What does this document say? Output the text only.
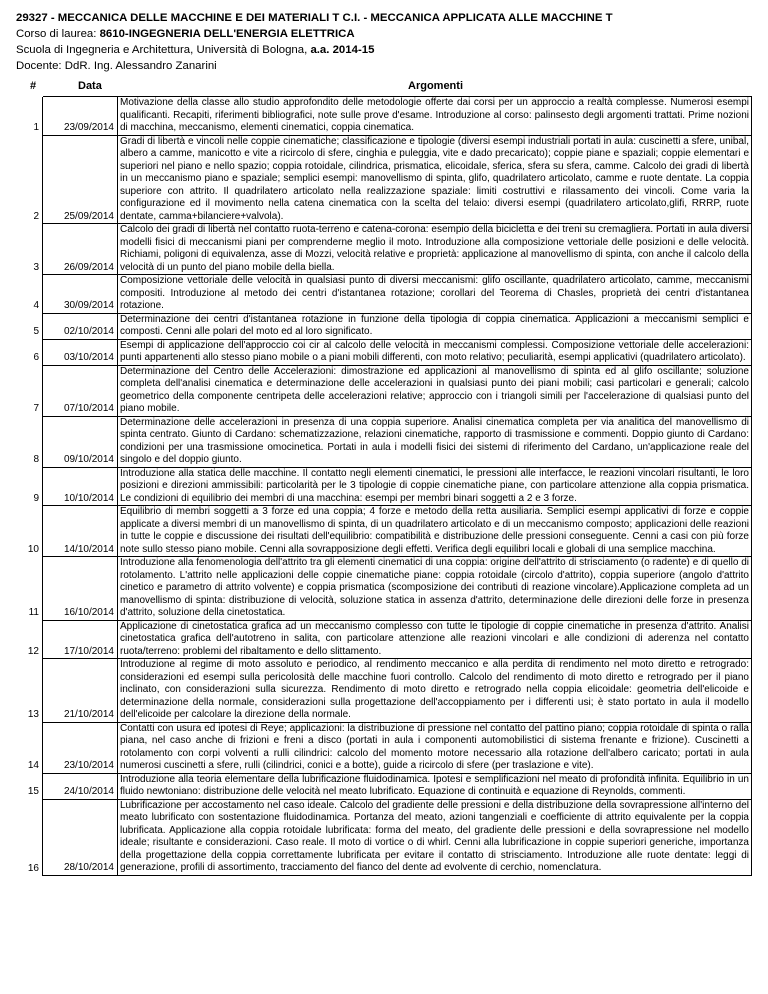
29327 - MECCANICA DELLE MACCHINE E DEI MATERIALI T C.I. - MECCANICA APPLICATA ALLE MACCHINE T
Corso di laurea: 8610-INGEGNERIA DELL'ENERGIA ELETTRICA
Scuola di Ingegneria e Architettura, Università di Bologna, a.a. 2014-15
Docente: DdR. Ing. Alessandro Zanarini
#	Data	Argomenti
1	23/09/2014	Motivazione della classe allo studio approfondito delle metodologie offerte dai corsi per un approccio a realtà complesse. Numerosi esempi qualificanti. Recapiti, riferimenti bibliografici, note sulle prove d'esame. Introduzione al corso: palinsesto degli argomenti trattati. Prime nozioni di macchina, meccanismo, elementi cinematici, coppia cinematica.
2	25/09/2014	Gradi di libertà e vincoli nelle coppie cinematiche; classificazione e tipologie (diversi esempi industriali portati in aula: cuscinetti a sfere, unibal, albero a camme, manicotto e vite a ricircolo di sfere, cinghia e puleggia, vite e dado precaricato); coppie piane e spaziali; coppie elementari e superiori nel piano e nello spazio; coppia rotoidale, cilindrica, prismatica, elicoidale, sferica, sfera su sfera, camme. Calcolo dei gradi di libertà in un meccanismo piano e spaziale; semplici esempi: manovellismo di spinta, glifo, quadrilatero articolato, camme e ruote dentate. La coppia superiore con attrito. Il quadrilatero articolato nella realizzazione spaziale: limiti costruttivi e rilassamento dei vincoli. Come varia la configurazione ed il movimento nella catena cinematica con la scelta del telaio: diversi esempi (quadrilatero articolato,glifi, RRRP, ruote dentate, camma+bilanciere+valvola).
3	26/09/2014	Calcolo dei gradi di libertà nel contatto ruota-terreno e catena-corona: esempio della bicicletta e dei treni su cremagliera. Portati in aula diversi modelli fisici di meccanismi piani per comprenderne meglio il moto. Introduzione alla composizione vettoriale delle posizioni e delle velocità. Richiami, poligoni di equivalenza, asse di Mozzi, velocità relative e proprietà: applicazione al manovellismo di spinta, con anche il calcolo della velocità di un punto del piano mobile della biella.
4	30/09/2014	Composizione vettoriale delle velocità in qualsiasi punto di diversi meccanismi: glifo oscillante, quadrilatero articolato, camme, meccanismi compositi. Introduzione al metodo dei centri d'istantanea rotazione; corollari del Teorema di Chasles, proprietà dei centri d'istantanea rotazione.
5	02/10/2014	Determinazione dei centri d'istantanea rotazione in funzione della tipologia di coppia cinematica. Applicazioni a meccanismi semplici e composti. Cenni alle polari del moto ed al loro significato.
6	03/10/2014	Esempi di applicazione dell'approccio coi cir al calcolo delle velocità in meccanismi complessi. Composizione vettoriale delle accelerazioni: punti appartenenti allo stesso piano mobile o a piani mobili differenti, con moto relativo; peculiarità, esempi applicativi (quadrilatero articolato).
7	07/10/2014	Determinazione del Centro delle Accelerazioni: dimostrazione ed applicazioni al manovellismo di spinta ed al glifo oscillante; soluzione completa dell'analisi cinematica e determinazione delle accelerazioni in qualsiasi punto dei piani mobili; casi particolari e generali; calcolo geometrico della componente centripeta delle accelerazioni relative; approccio con i triangoli simili per l'accelerazione di qualsiasi punto del piano mobile.
8	09/10/2014	Determinazione delle accelerazioni in presenza di una coppia superiore. Analisi cinematica completa per via analitica del manovellismo di spinta centrato. Giunto di Cardano: schematizzazione, relazioni cinematiche, rapporto di trasmissione e commenti. Doppio giunto di Cardano: condizioni per una trasmissione omocinetica. Portati in aula i modelli fisici dei sistemi di riferimento del Cardano, un'applicazione reale del singolo e del doppio giunto.
9	10/10/2014	Introduzione alla statica delle macchine. Il contatto negli elementi cinematici, le pressioni alle interfacce, le reazioni vincolari risultanti, le loro posizioni e direzioni ammissibili: particolarità per le 3 tipologie di coppie cinematiche piane, con particolare attenzione alla coppia prismatica. Le condizioni di equilibrio dei membri di una macchina: esempi per membri binari soggetti a 2 e 3 forze.
10	14/10/2014	Equilibrio di membri soggetti a 3 forze ed una coppia; 4 forze e metodo della retta ausiliaria. Semplici esempi applicativi di forze e coppie applicate a diversi membri di un manovellismo di spinta, di un quadrilatero articolato e di un meccanismo composto; applicazioni delle reazioni in tutte le coppie e discussione dei risultati dell'equilibrio: compatibilità e distribuzione delle pressioni conseguente. Cenni a casi con più forze note sullo stesso piano mobile. Cenni alla sovrapposizione degli effetti. Verifica degli equilibri locali e globali di una semplice macchina.
11	16/10/2014	Introduzione alla fenomenologia dell'attrito tra gli elementi cinematici di una coppia: origine dell'attrito di strisciamento (o radente) e di quello di rotolamento. L'attrito nelle applicazioni delle coppie cinematiche piane: coppia rotoidale (circolo d'attrito), coppia superiore (angolo d'attrito cinetico e parametro di attrito volvente) e coppia prismatica (scomposizione dei contributi di reazione vincolare).Applicazione completa ad un manovellismo di spinta: distribuzione di velocità, soluzione statica in assenza d'attrito, determinazione delle direzioni delle forze in presenza d'attrito, soluzione della cinetostatica.
12	17/10/2014	Applicazione di cinetostatica grafica ad un meccanismo complesso con tutte le tipologie di coppie cinematiche in presenza d'attrito. Analisi cinetostatica grafica dell'autotreno in salita, con particolare attenzione alle reazioni vincolari e alle condizioni di aderenza nel contatto ruota/terreno: problemi del ribaltamento e dello slittamento.
13	21/10/2014	Introduzione al regime di moto assoluto e periodico, al rendimento meccanico e alla perdita di rendimento nel moto diretto e retrogrado: considerazioni ed esempi sulla pericolosità delle macchine fuori controllo. Calcolo del rendimento di moto diretto e retrogrado per il piano inclinato, con considerazioni sulla sicurezza. Rendimento di moto diretto e retrogrado nella coppia elicoidale: geometria dell'elicoide e determinazione della normale, considerazioni sulla progettazione dell'accoppiamento per i differenti usi; è stato portato in aula il modello dell'elicoide per calcolare la direzione della normale.
14	23/10/2014	Contatti con usura ed ipotesi di Reye; applicazioni: la distribuzione di pressione nel contatto del pattino piano; coppia rotoidale di spinta o ralla piana, nel caso anche di frizioni e freni a disco (portati in aula i componenti automobilistici di sistema frenante e frizione). Cuscinetti a rotolamento con corpi volventi a rulli cilindrici: calcolo del momento motore necessario alla rotazione dell'albero caricato; portati in aula numerosi cuscinetti a sfere, rulli (cilindrici, conici e a botte), guide a ricircolo di sfere (per traslazione e vite).
15	24/10/2014	Introduzione alla teoria elementare della lubrificazione fluidodinamica. Ipotesi e semplificazioni nel meato di profondità infinita. Equilibrio in un fluido newtoniano: distribuzione delle velocità nel meato lubrificato. Equazione di continuità e equazione di Reynolds, commenti.
16	28/10/2014	Lubrificazione per accostamento nel caso ideale. Calcolo del gradiente delle pressioni e della distribuzione della sovrapressione all'interno del meato lubrificato con sostentazione fluidodinamica. Portanza del meato, azioni tangenziali e coefficiente di attrito equivalente per la coppia lubrificata. Applicazione alla coppia rotoidale lubrificata: forma del meato, del gradiente delle pressioni e della sovrapressione nel modello ideale; risultante e considerazioni. Caso reale. Il moto di vortice o di whirl. Cenni alla lubrificazione in coppie superiori generiche, importanza della progettazione della coppia correttamente lubrificata per evitare il contatto di strisciamento. Introduzione alle ruote dentate: leggi di generazione, profili di assortimento, tracciamento del fianco del dente ad evolvente di cerchio, nomenclatura.
